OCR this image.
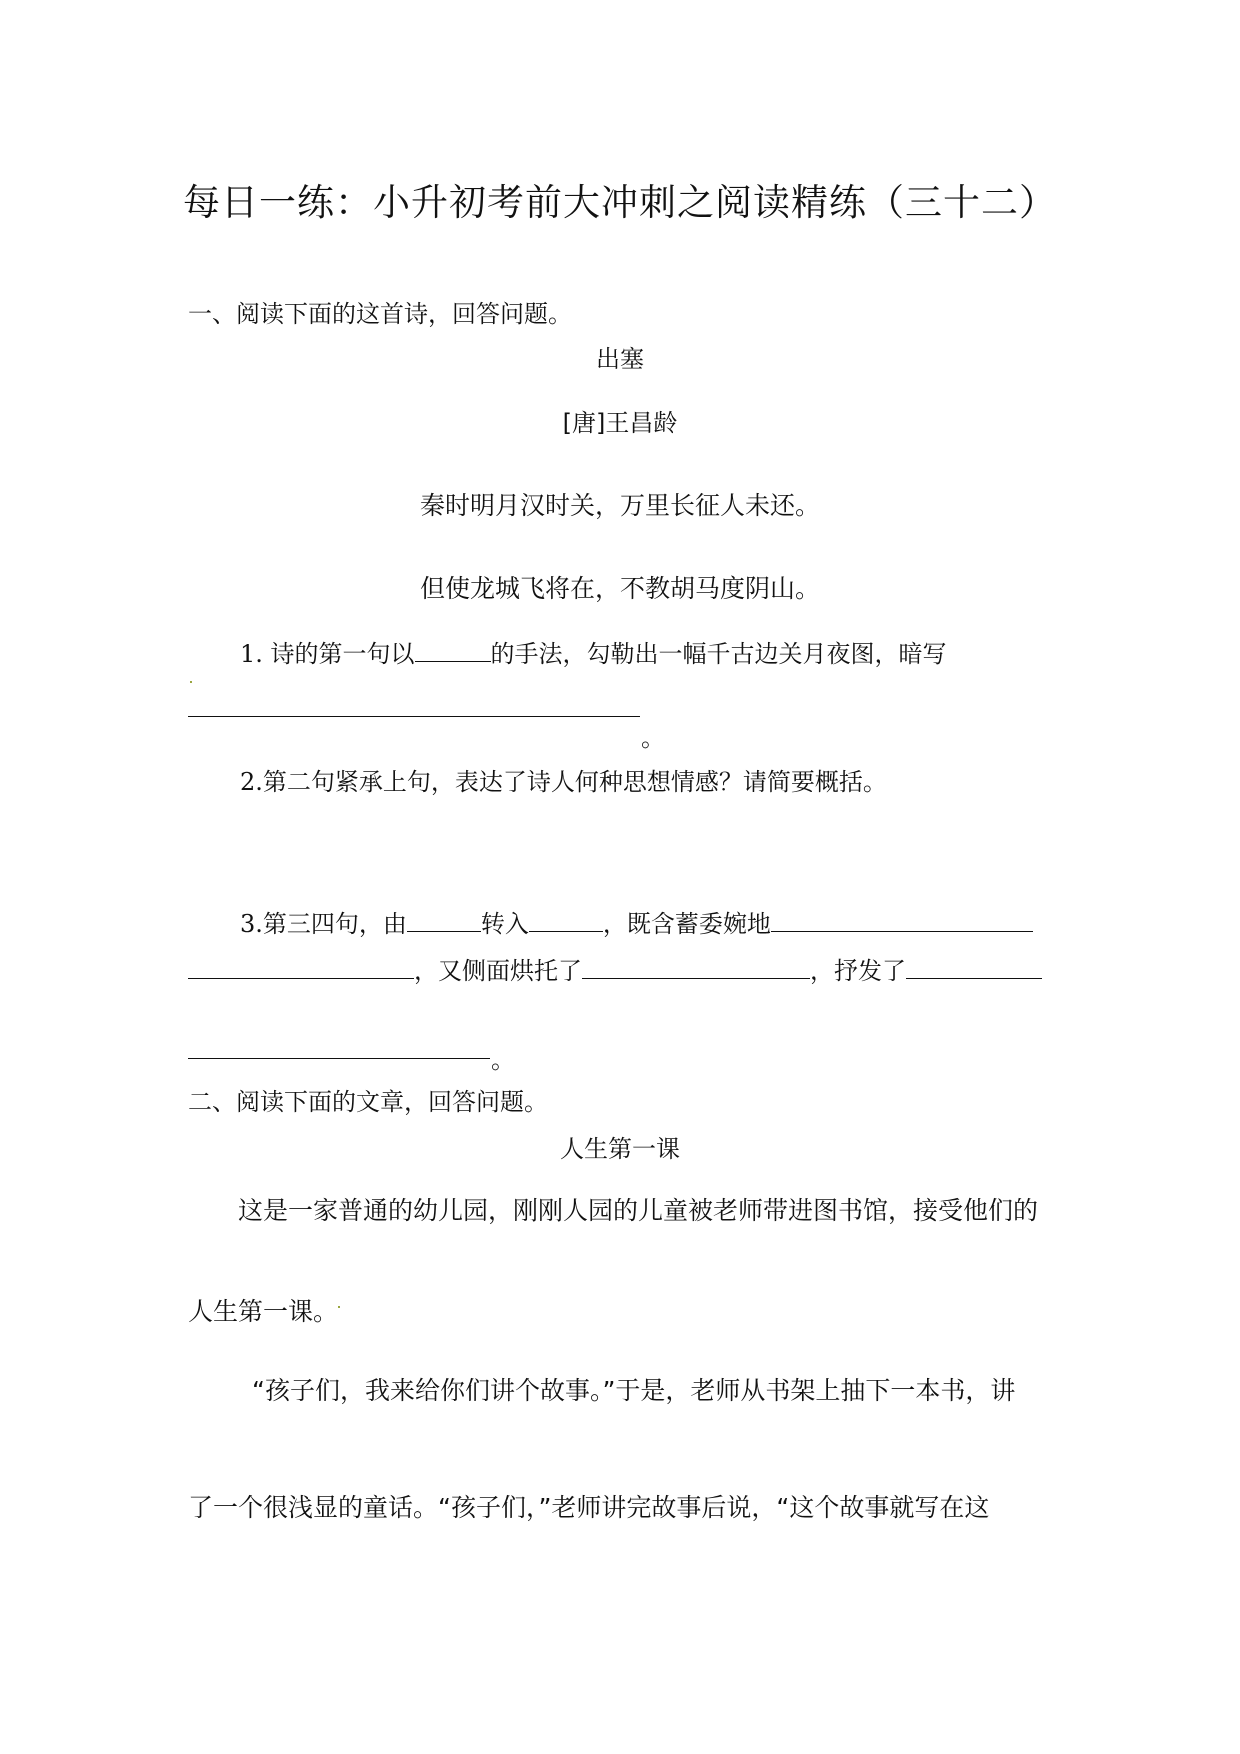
每日一练：小升初考前大冲刺之阅读精练（三十二）
一、阅读下面的这首诗，回答问题。
出塞
[唐]王昌龄
秦时明月汉时关，万里长征人未还。
但使龙城飞将在，不教胡马度阴山。
1. 诗的第一句以	的手法，勾勒出一幅千古边关月夜图，暗写
。
2.第二句紧承上句，表达了诗人何种思想情感？请简要概括。
3.第三四句，由	转入	，既含蓄委婉地
，又侧面烘托了	，抒发了
。
二、阅读下面的文章，回答问题。
人生第一课
这是一家普通的幼儿园，刚刚人园的儿童被老师带进图书馆，接受他们的
人生第一课。
“孩子们，我来给你们讲个故事。”于是，老师从书架上抽下一本书，讲
了一个很浅显的童话。“孩子们，”老师讲完故事后说，“这个故事就写在这
